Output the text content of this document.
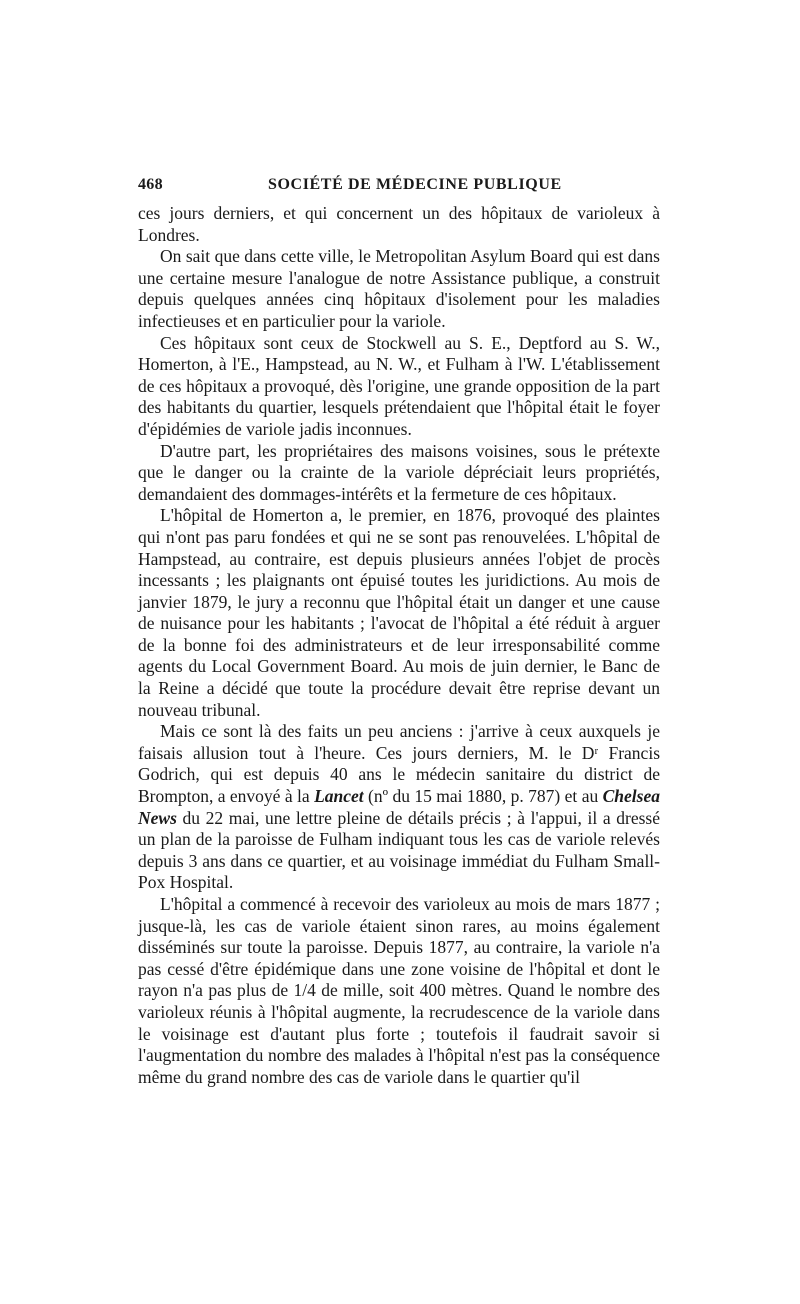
468	SOCIÉTÉ DE MÉDECINE PUBLIQUE

ces jours derniers, et qui concernent un des hôpitaux de varioleux à Londres.

On sait que dans cette ville, le Metropolitan Asylum Board qui est dans une certaine mesure l'analogue de notre Assistance publique, a construit depuis quelques années cinq hôpitaux d'isolement pour les maladies infectieuses et en particulier pour la variole.

Ces hôpitaux sont ceux de Stockwell au S. E., Deptford au S. W., Homerton, à l'E., Hampstead, au N. W., et Fulham à l'W. L'établissement de ces hôpitaux a provoqué, dès l'origine, une grande opposition de la part des habitants du quartier, lesquels prétendaient que l'hôpital était le foyer d'épidémies de variole jadis inconnues.

D'autre part, les propriétaires des maisons voisines, sous le prétexte que le danger ou la crainte de la variole dépréciait leurs propriétés, demandaient des dommages-intérêts et la fermeture de ces hôpitaux.

L'hôpital de Homerton a, le premier, en 1876, provoqué des plaintes qui n'ont pas paru fondées et qui ne se sont pas renouvelées. L'hôpital de Hampstead, au contraire, est depuis plusieurs années l'objet de procès incessants ; les plaignants ont épuisé toutes les juridictions. Au mois de janvier 1879, le jury a reconnu que l'hôpital était un danger et une cause de nuisance pour les habitants ; l'avocat de l'hôpital a été réduit à arguer de la bonne foi des administrateurs et de leur irresponsabilité comme agents du Local Government Board. Au mois de juin dernier, le Banc de la Reine a décidé que toute la procédure devait être reprise devant un nouveau tribunal.

Mais ce sont là des faits un peu anciens : j'arrive à ceux auxquels je faisais allusion tout à l'heure. Ces jours derniers, M. le Dʳ Francis Godrich, qui est depuis 40 ans le médecin sanitaire du district de Brompton, a envoyé à la Lancet (nº du 15 mai 1880, p. 787) et au Chelsea News du 22 mai, une lettre pleine de détails précis ; à l'appui, il a dressé un plan de la paroisse de Fulham indiquant tous les cas de variole relevés depuis 3 ans dans ce quartier, et au voisinage immédiat du Fulham Small-Pox Hospital.

L'hôpital a commencé à recevoir des varioleux au mois de mars 1877 ; jusque-là, les cas de variole étaient sinon rares, au moins également disséminés sur toute la paroisse. Depuis 1877, au contraire, la variole n'a pas cessé d'être épidémique dans une zone voisine de l'hôpital et dont le rayon n'a pas plus de 1/4 de mille, soit 400 mètres. Quand le nombre des varioleux réunis à l'hôpital augmente, la recrudescence de la variole dans le voisinage est d'autant plus forte ; toutefois il faudrait savoir si l'augmentation du nombre des malades à l'hôpital n'est pas la conséquence même du grand nombre des cas de variole dans le quartier qu'il
